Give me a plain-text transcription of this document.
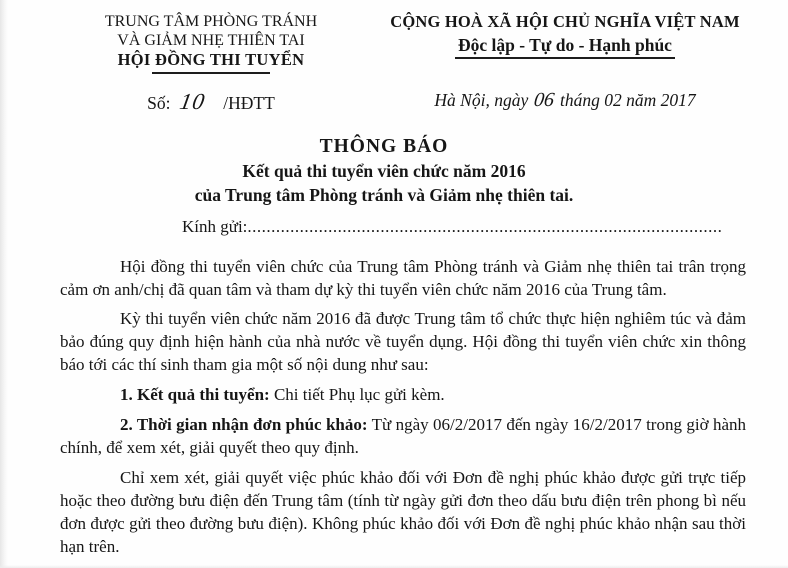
TRUNG TÂM PHÒNG TRÁNH
VÀ GIẢM NHẸ THIÊN TAI
HỘI ĐỒNG THI TUYỂN
Số: 10 /HĐTT
CỘNG HOÀ XÃ HỘI CHỦ NGHĨA VIỆT NAM
Độc lập - Tự do - Hạnh phúc
Hà Nội, ngày 06 tháng 02 năm 2017
THÔNG BÁO
Kết quả thi tuyển viên chức năm 2016
của Trung tâm Phòng tránh và Giảm nhẹ thiên tai.
Kính gửi:....................................................................................................

Hội đồng thi tuyển viên chức của Trung tâm Phòng tránh và Giảm nhẹ thiên tai trân trọng cảm ơn anh/chị đã quan tâm và tham dự kỳ thi tuyển viên chức năm 2016 của Trung tâm.

Kỳ thi tuyển viên chức năm 2016 đã được Trung tâm tổ chức thực hiện nghiêm túc và đảm bảo đúng quy định hiện hành của nhà nước về tuyển dụng. Hội đồng thi tuyển viên chức xin thông báo tới các thí sinh tham gia một số nội dung như sau:

1. Kết quả thi tuyển: Chi tiết Phụ lục gửi kèm.

2. Thời gian nhận đơn phúc khảo: Từ ngày 06/2/2017 đến ngày 16/2/2017 trong giờ hành chính, để xem xét, giải quyết theo quy định.

Chỉ xem xét, giải quyết việc phúc khảo đối với Đơn đề nghị phúc khảo được gửi trực tiếp hoặc theo đường bưu điện đến Trung tâm (tính từ ngày gửi đơn theo dấu bưu điện trên phong bì nếu đơn được gửi theo đường bưu điện). Không phúc khảo đối với Đơn đề nghị phúc khảo nhận sau thời hạn trên.
